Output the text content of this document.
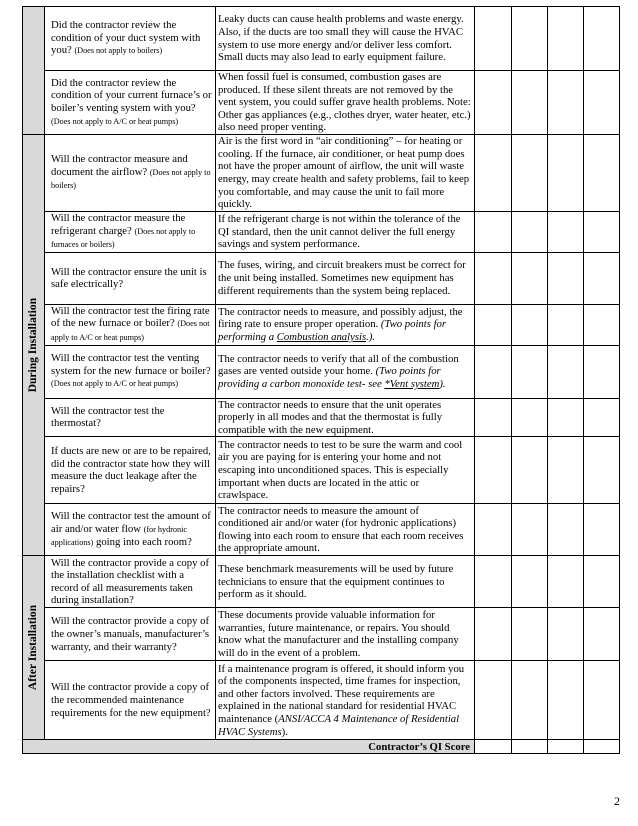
	Did the contractor review the condition of your duct system with you? (Does not apply to boilers)	Leaky ducts can cause health problems and waste energy. Also, if the ducts are too small they will cause the HVAC system to use more energy and/or deliver less comfort. Small ducts may also lead to early equipment failure.				
	Did the contractor review the condition of your current furnace’s or boiler’s venting system with you? (Does not apply to A/C or heat pumps)	When fossil fuel is consumed, combustion gases are produced. If these silent threats are not removed by the vent system, you could suffer grave health problems. Note: Other gas appliances (e.g., clothes dryer, water heater, etc.) also need proper venting.				

During Installation	Will the contractor measure and document the airflow? (Does not apply to boilers)	Air is the first word in “air conditioning” – for heating or cooling. If the furnace, air conditioner, or heat pump does not have the proper amount of airflow, the unit will waste energy, may create health and safety problems, fail to keep you comfortable, and may cause the unit to fail more quickly.				
	Will the contractor measure the refrigerant charge? (Does not apply to furnaces or boilers)	If the refrigerant charge is not within the tolerance of the QI standard, then the unit cannot deliver the full energy savings and system performance.				
	Will the contractor ensure the unit is safe electrically?	The fuses, wiring, and circuit breakers must be correct for the unit being installed. Sometimes new equipment has different requirements than the system being replaced.				
	Will the contractor test the firing rate of the new furnace or boiler? (Does not apply to A/C or heat pumps)	The contractor needs to measure, and possibly adjust, the firing rate to ensure proper operation. (Two points for performing a Combustion analysis.).				
	Will the contractor test the venting system for the new furnace or boiler? (Does not apply to A/C or heat pumps)	The contractor needs to verify that all of the combustion gases are vented outside your home. (Two points for providing a carbon monoxide test- see *Vent system).				
	Will the contractor test the thermostat?	The contractor needs to ensure that the unit operates properly in all modes and that the thermostat is fully compatible with the new equipment.				
	If ducts are new or are to be repaired, did the contractor state how they will measure the duct leakage after the repairs?	The contractor needs to test to be sure the warm and cool air you are paying for is entering your home and not escaping into unconditioned spaces. This is especially important when ducts are located in the attic or crawlspace.				
	Will the contractor test the amount of air and/or water flow (for hydronic applications) going into each room?	The contractor needs to measure the amount of conditioned air and/or water (for hydronic applications) flowing into each room to ensure that each room receives the appropriate amount.				

After Installation	Will the contractor provide a copy of the installation checklist with a record of all measurements taken during installation?	These benchmark measurements will be used by future technicians to ensure that the equipment continues to perform as it should.				
	Will the contractor provide a copy of the owner’s manuals, manufacturer’s warranty, and their warranty?	These documents provide valuable information for warranties, future maintenance, or repairs. You should know what the manufacturer and the installing company will do in the event of a problem.				
	Will the contractor provide a copy of the recommended maintenance requirements for the new equipment?	If a maintenance program is offered, it should inform you of the components inspected, time frames for inspection, and other factors involved. These requirements are explained in the national standard for residential HVAC maintenance (ANSI/ACCA 4 Maintenance of Residential HVAC Systems).				
Contractor’s QI Score						
2
